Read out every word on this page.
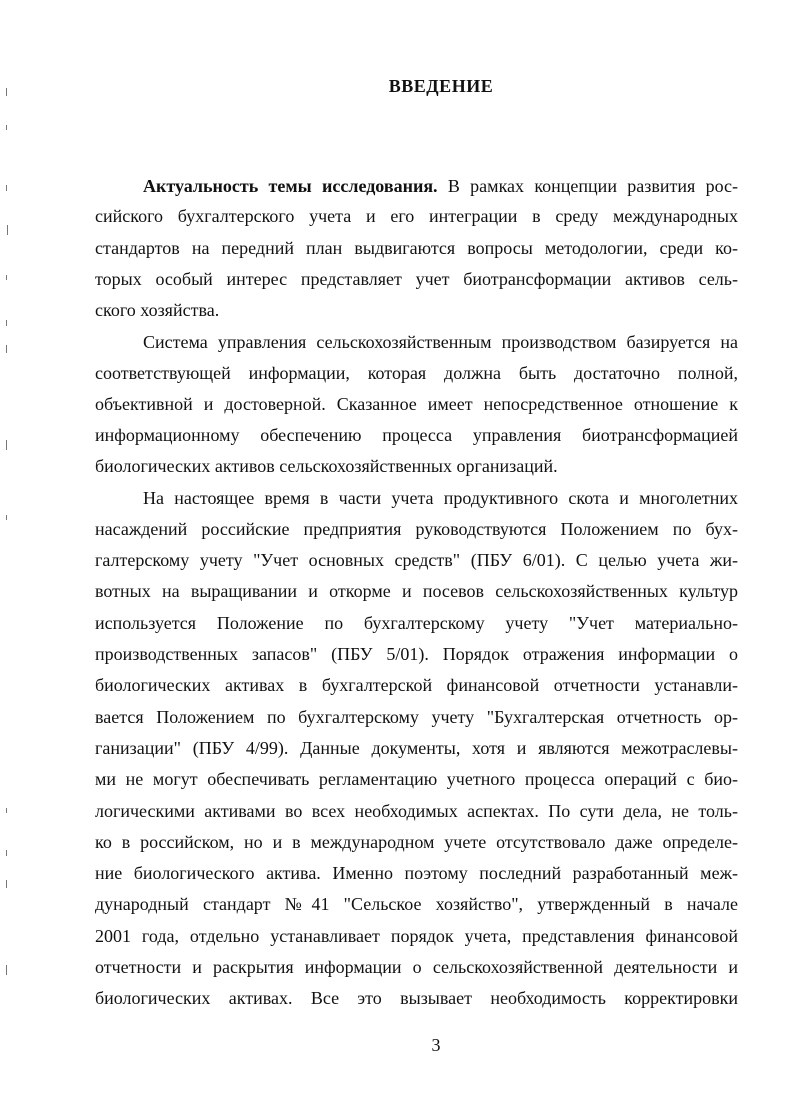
ВВЕДЕНИЕ
Актуальность темы исследования. В рамках концепции развития рос-
сийского бухгалтерского учета и его интеграции в среду международных
стандартов на передний план выдвигаются вопросы методологии, среди ко-
торых особый интерес представляет учет биотрансформации активов сель-
ского хозяйства.
Система управления сельскохозяйственным производством базируется на
соответствующей информации, которая должна быть достаточно полной,
объективной и достоверной. Сказанное имеет непосредственное отношение к
информационному обеспечению процесса управления биотрансформацией
биологических активов сельскохозяйственных организаций.
На настоящее время в части учета продуктивного скота и многолетних
насаждений российские предприятия руководствуются Положением по бух-
галтерскому учету "Учет основных средств" (ПБУ 6/01). С целью учета жи-
вотных на выращивании и откорме и посевов сельскохозяйственных культур
используется Положение по бухгалтерскому учету "Учет материально-
производственных запасов" (ПБУ 5/01). Порядок отражения информации о
биологических активах в бухгалтерской финансовой отчетности устанавли-
вается Положением по бухгалтерскому учету "Бухгалтерская отчетность ор-
ганизации" (ПБУ 4/99). Данные документы, хотя и являются межотраслевы-
ми не могут обеспечивать регламентацию учетного процесса операций с био-
логическими активами во всех необходимых аспектах. По сути дела, не толь-
ко в российском, но и в международном учете отсутствовало даже определе-
ние биологического актива. Именно поэтому последний разработанный меж-
дународный стандарт №41 "Сельское хозяйство", утвержденный в начале
2001 года, отдельно устанавливает порядок учета, представления финансовой
отчетности и раскрытия информации о сельскохозяйственной деятельности и
биологических активах. Все это вызывает необходимость корректировки
3
